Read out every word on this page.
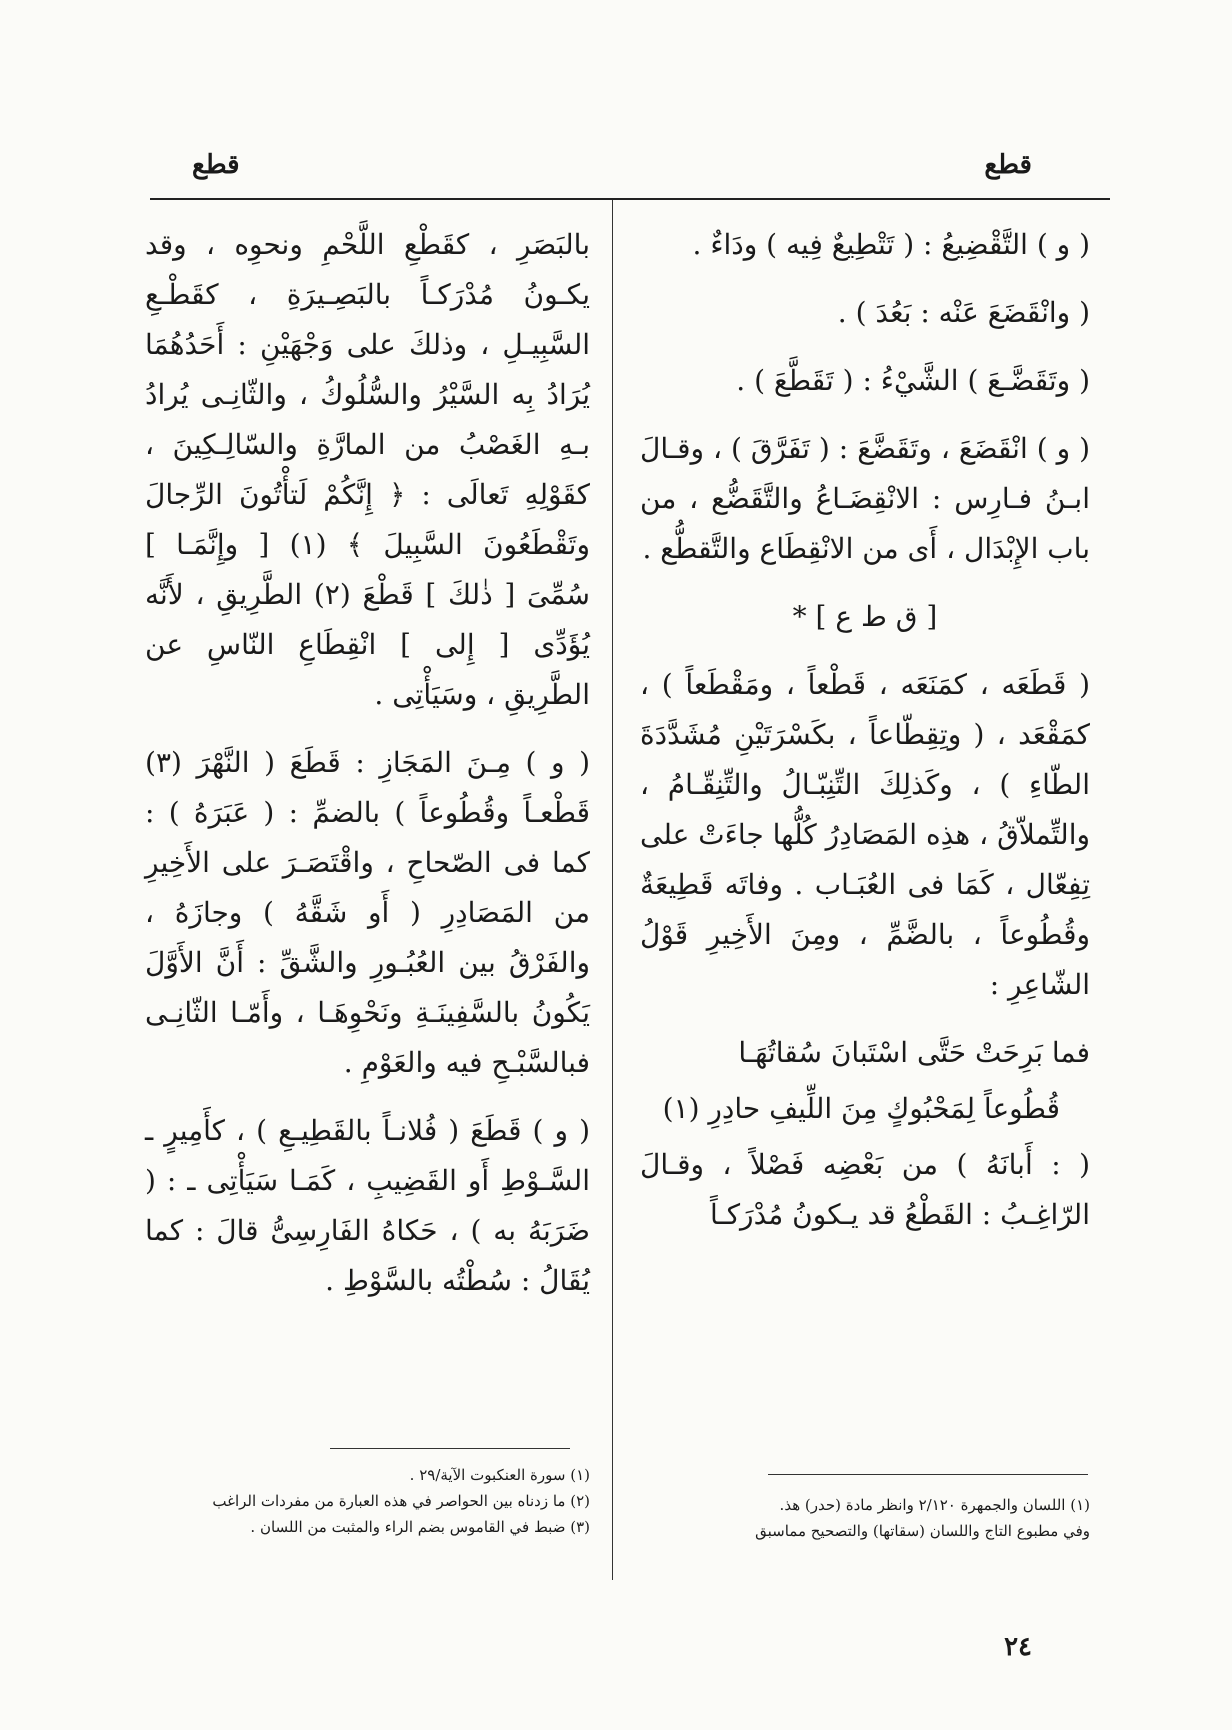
قطع
قطع

( و ) التَّقْضِيعُ : ( تَتْطِيعٌ فِيه ) ودَاءٌ .

( وانْقَضَعَ عَنْه : بَعُدَ ) .

( وتَقَضَّـعَ ) الشَّيْءُ : ( تَقَطَّعَ ) .

( و ) انْقَضَعَ ، وتَقَضَّعَ : ( تَفَرَّقَ ) ، وقـالَ ابـنُ فـارِس : الانْقِضَـاعُ والتَّقَضُّع ، من باب الإِبْدَال ، أَى من الانْقِطَاع والتَّقطُّع .

[ ق ط ع ] *

( قَطَعَه ، كمَنَعَه ، قَطْعاً ، ومَقْطَعاً ) ، كمَقْعَد ، ( وتِقِطّاعاً ، بكَسْرَتَيْنِ مُشَدَّدَةَ الطّاءِ ) ، وكَذلِكَ التِّنِبّـالُ والتِّنِقّـامُ ، والتِّملاّقُ ، هذِه المَصَادِرُ كُلُّها جاءَتْ على تِفِعّال ، كَمَا فى العُبَـاب . وفاتَه قَطِيعَةٌ وقُطُوعاً ، بالضَّمِّ ، ومِنَ الأَخِيرِ قَوْلُ الشّاعِرِ :

فما بَرِحَتْ حَتَّى اسْتَبانَ سُقاتُهَـا

قُطُوعاً لِمَحْبُوكٍ مِنَ اللِّيفِ حادِرِ (١)

( : أَبانَهُ ) من بَعْضِه فَصْلاً ، وقـالَ الرّاغِـبُ : القَطْعُ قد يـكونُ مُدْرَكـاً

بالبَصَرِ ، كقَطْعِ اللَّحْمِ ونحوِه ، وقد يكـونُ مُدْرَكـاً بالبَصِـيرَةِ ، كقَطْـعِ السَّبِيـلِ ، وذلكَ على وَجْهَيْنِ : أَحَدُهُمَا يُرَادُ بِه السَّيْرُ والسُّلُوكُ ، والثّانِـى يُرادُ بـهِ الغَصْبُ من المارَّةِ والسّالِـكِينَ ، كقَوْلِهِ تَعالَى : ﴿ إِنَّكُمْ لَتأْتُونَ الرِّجالَ وتَقْطَعُونَ السَّبِيلَ ﴾ (١) [ وإِنَّمَـا ] سُمِّىَ [ ذٰلكَ ] قَطْعَ (٢) الطَّرِيقِ ، لأَنَّه يُؤَدِّى [ إِلى ] انْقِطَاعِ النّاسِ عن الطَّرِيقِ ، وسَيَأْتِى .

( و ) مِـنَ المَجَازِ : قَطَعَ ( النَّهْرَ (٣) قَطْعـاً وقُطُوعاً ) بالضمِّ : ( عَبَرَهُ ) : كما فى الصّحاحِ ، واقْتَصَـرَ على الأَخِيرِ من المَصَادِرِ ( أَو شَقَّهُ ) وجازَهُ ، والفَرْقُ بين العُبُـورِ والشَّقِّ : أَنَّ الأَوَّلَ يَكُونُ بالسَّفِينَـةِ ونَحْوِهَـا ، وأَمّـا الثّانِـى فبالسَّبْـحِ فيه والعَوْمِ .

( و ) قَطَعَ ( فُلانـاً بالقَطِيـعِ ) ، كأَمِيرٍ ـ السَّـوْطِ أَو القَضِيبِ ، كَمَـا سَيَأْتِى ـ : ( ضَرَبَهُ به ) ، حَكاهُ الفَارِسِىُّ قالَ : كما يُقَالُ : سُطْتُه بالسَّوْطِ .

(١) اللسان والجمهرة ٢/١٢٠ وانظر مادة (حدر) هذ.

وفي مطبوع التاج واللسان (سقاتها) والتصحيح مماسبق

(١) سورة العنكبوت الآية/٢٩ .

(٢) ما زدناه بين الحواصر في هذه العبارة من مفردات الراغب

(٣) ضبط في القاموس بضم الراء والمثبت من اللسان .

٢٤
